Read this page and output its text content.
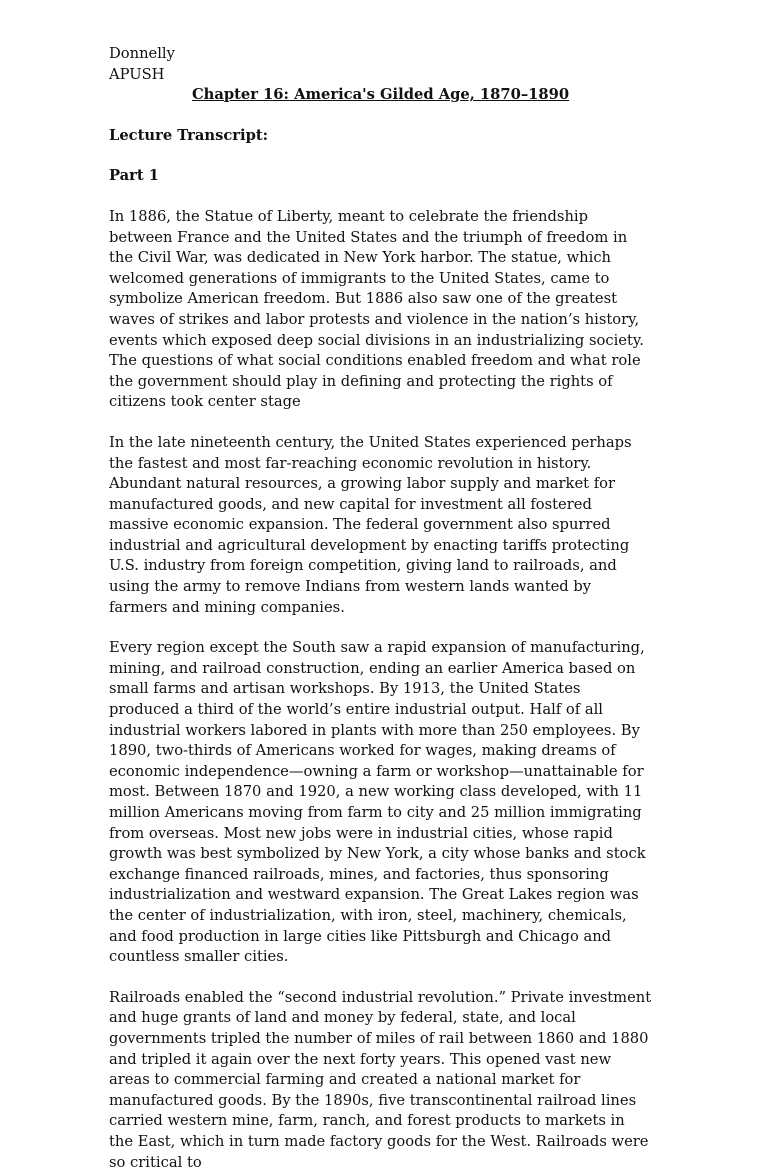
Donnelly

APUSH

Chapter 16: America's Gilded Age, 1870–1890

Lecture Transcript:

Part 1

In 1886, the Statue of Liberty, meant to celebrate the friendship between France and the United States and the triumph of freedom in the Civil War, was dedicated in New York harbor. The statue, which welcomed generations of immigrants to the United States, came to symbolize American freedom. But 1886 also saw one of the greatest waves of strikes and labor protests and violence in the nation’s history, events which exposed deep social divisions in an industrializing society. The questions of what social conditions enabled freedom and what role the government should play in defining and protecting the rights of citizens took center stage

In the late nineteenth century, the United States experienced perhaps the fastest and most far-reaching economic revolution in history. Abundant natural resources, a growing labor supply and market for manufactured goods, and new capital for investment all fostered massive economic expansion. The federal government also spurred industrial and agricultural development by enacting tariffs protecting U.S. industry from foreign competition, giving land to railroads, and using the army to remove Indians from western lands wanted by farmers and mining companies.

Every region except the South saw a rapid expansion of manufacturing, mining, and railroad construction, ending an earlier America based on small farms and artisan workshops. By 1913, the United States produced a third of the world’s entire industrial output. Half of all industrial workers labored in plants with more than 250 employees. By 1890, two-thirds of Americans worked for wages, making dreams of economic independence—owning a farm or workshop—unattainable for most. Between 1870 and 1920, a new working class developed, with 11 million Americans moving from farm to city and 25 million immigrating from overseas. Most new jobs were in industrial cities, whose rapid growth was best symbolized by New York, a city whose banks and stock exchange financed railroads, mines, and factories, thus sponsoring industrialization and westward expansion. The Great Lakes region was the center of industrialization, with iron, steel, machinery, chemicals, and food production in large cities like Pittsburgh and Chicago and countless smaller cities.

Railroads enabled the “second industrial revolution.” Private investment and huge grants of land and money by federal, state, and local governments tripled the number of miles of rail between 1860 and 1880 and tripled it again over the next forty years. This opened vast new areas to commercial farming and created a national market for manufactured goods. By the 1890s, five transcontinental railroad lines carried western mine, farm, ranch, and forest products to markets in the East, which in turn made factory goods for the West. Railroads were so critical to
